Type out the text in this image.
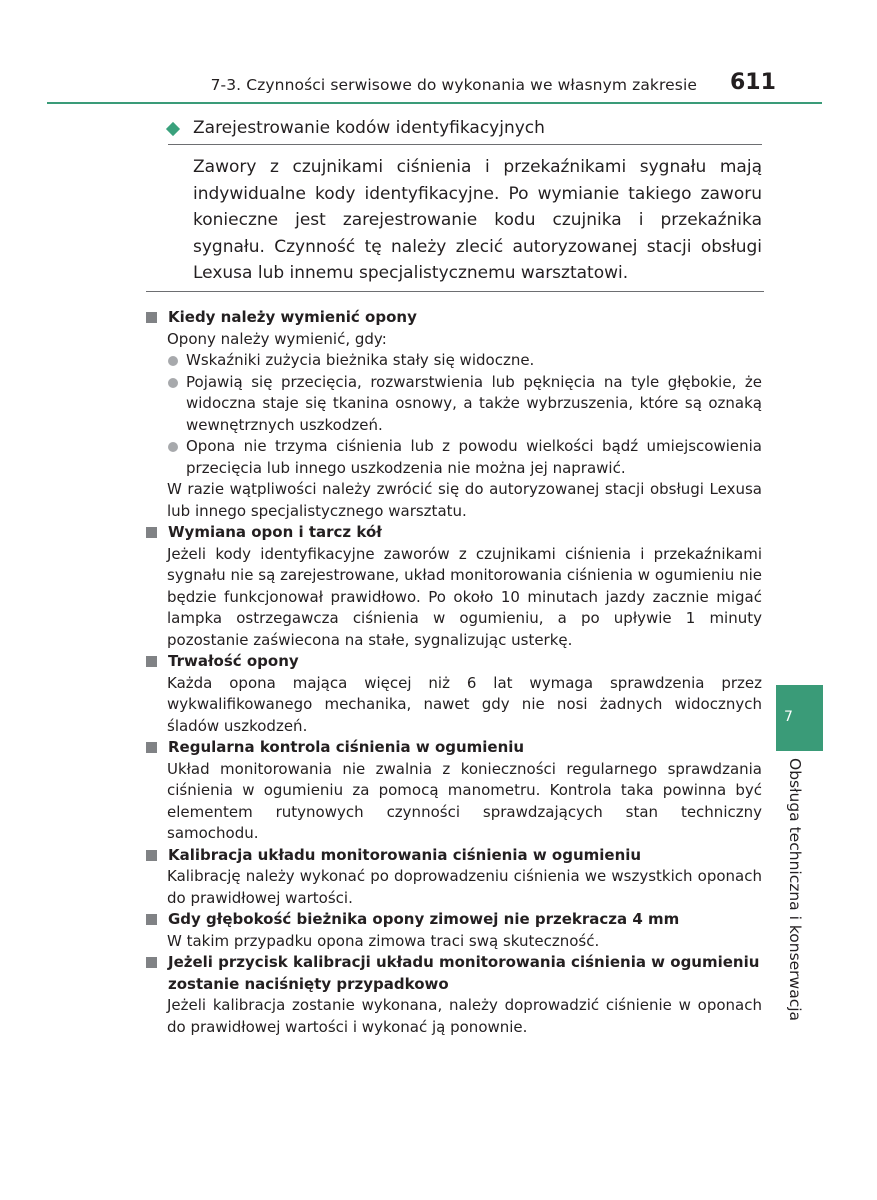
7-3. Czynności serwisowe do wykonania we własnym zakresie 611
Zarejestrowanie kodów identyfikacyjnych

Zawory z czujnikami ciśnienia i przekaźnikami sygnału mają indywidualne kody identyfikacyjne. Po wymianie takiego zaworu konieczne jest zarejestrowanie kodu czujnika i przekaźnika sygnału. Czynność tę należy zlecić autoryzowanej stacji obsługi Lexusa lub innemu specjalistycznemu warsztatowi.

Kiedy należy wymienić opony

Opony należy wymienić, gdy:

Wskaźniki zużycia bieżnika stały się widoczne.

Pojawią się przecięcia, rozwarstwienia lub pęknięcia na tyle głębokie, że widoczna staje się tkanina osnowy, a także wybrzuszenia, które są oznaką wewnętrznych uszkodzeń.

Opona nie trzyma ciśnienia lub z powodu wielkości bądź umiejscowienia przecięcia lub innego uszkodzenia nie można jej naprawić.

W razie wątpliwości należy zwrócić się do autoryzowanej stacji obsługi Lexusa lub innego specjalistycznego warsztatu.

Wymiana opon i tarcz kół

Jeżeli kody identyfikacyjne zaworów z czujnikami ciśnienia i przekaźnikami sygnału nie są zarejestrowane, układ monitorowania ciśnienia w ogumieniu nie będzie funkcjonował prawidłowo. Po około 10 minutach jazdy zacznie migać lampka ostrzegawcza ciśnienia w ogumieniu, a po upływie 1 minuty pozostanie zaświecona na stałe, sygnalizując usterkę.

Trwałość opony

Każda opona mająca więcej niż 6 lat wymaga sprawdzenia przez wykwalifikowanego mechanika, nawet gdy nie nosi żadnych widocznych śladów uszkodzeń.

Regularna kontrola ciśnienia w ogumieniu

Układ monitorowania nie zwalnia z konieczności regularnego sprawdzania ciśnienia w ogumieniu za pomocą manometru. Kontrola taka powinna być elementem rutynowych czynności sprawdzających stan techniczny samochodu.

Kalibracja układu monitorowania ciśnienia w ogumieniu

Kalibrację należy wykonać po doprowadzeniu ciśnienia we wszystkich oponach do prawidłowej wartości.

Gdy głębokość bieżnika opony zimowej nie przekracza 4 mm

W takim przypadku opona zimowa traci swą skuteczność.

Jeżeli przycisk kalibracji układu monitorowania ciśnienia w ogumieniu zostanie naciśnięty przypadkowo

Jeżeli kalibracja zostanie wykonana, należy doprowadzić ciśnienie w oponach do prawidłowej wartości i wykonać ją ponownie.

7
Obsługa techniczna i konserwacja
